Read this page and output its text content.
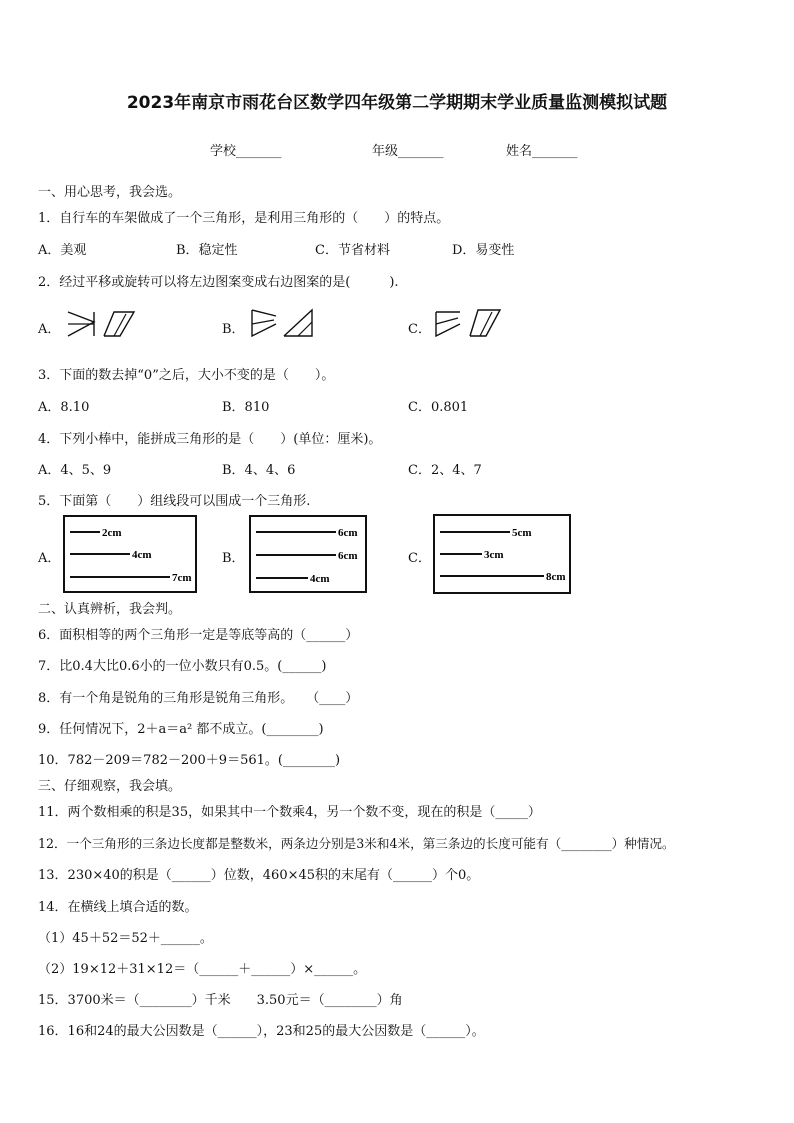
2023年南京市雨花台区数学四年级第二学期期末学业质量监测模拟试题
学校_______	年级_______	姓名_______
一、用心思考，我会选。
1．自行车的车架做成了一个三角形，是利用三角形的（　　）的特点。
A．美观	B．稳定性	C．节省材料	D．易变性
2．经过平移或旋转可以将左边图案变成右边图案的是(　　　).
A．	B．	C．
3．下面的数去掉“0”之后，大小不变的是（　　）。
A．8.10	B．810	C．0.801
4．下列小棒中，能拼成三角形的是（　　）(单位：厘米)。
A．4、5、9	B．4、4、6	C．2、4、7
5．下面第（　　）组线段可以围成一个三角形.
A．
2cm
4cm
7cm
B．
6cm
6cm
4cm
C．
5cm
3cm
8cm
二、认真辨析，我会判。
6．面积相等的两个三角形一定是等底等高的（______）
7．比0.4大比0.6小的一位小数只有0.5。(______)
8．有一个角是锐角的三角形是锐角三角形。　　（____）
9．任何情况下，2＋a＝a² 都不成立。(________)
10．782－209＝782－200＋9＝561。(________)
三、仔细观察，我会填。
11．两个数相乘的积是35，如果其中一个数乘4，另一个数不变，现在的积是（_____）
12．一个三角形的三条边长度都是整数米，两条边分别是3米和4米，第三条边的长度可能有（________）种情况。
13．230×40的积是（______）位数，460×45积的末尾有（______）个0。
14．在横线上填合适的数。
（1）45＋52＝52＋______。
（2）19×12＋31×12＝（______＋______）×______。
15．3700米＝（________）千米　　3.50元＝（________）角
16．16和24的最大公因数是（______），23和25的最大公因数是（______）。
